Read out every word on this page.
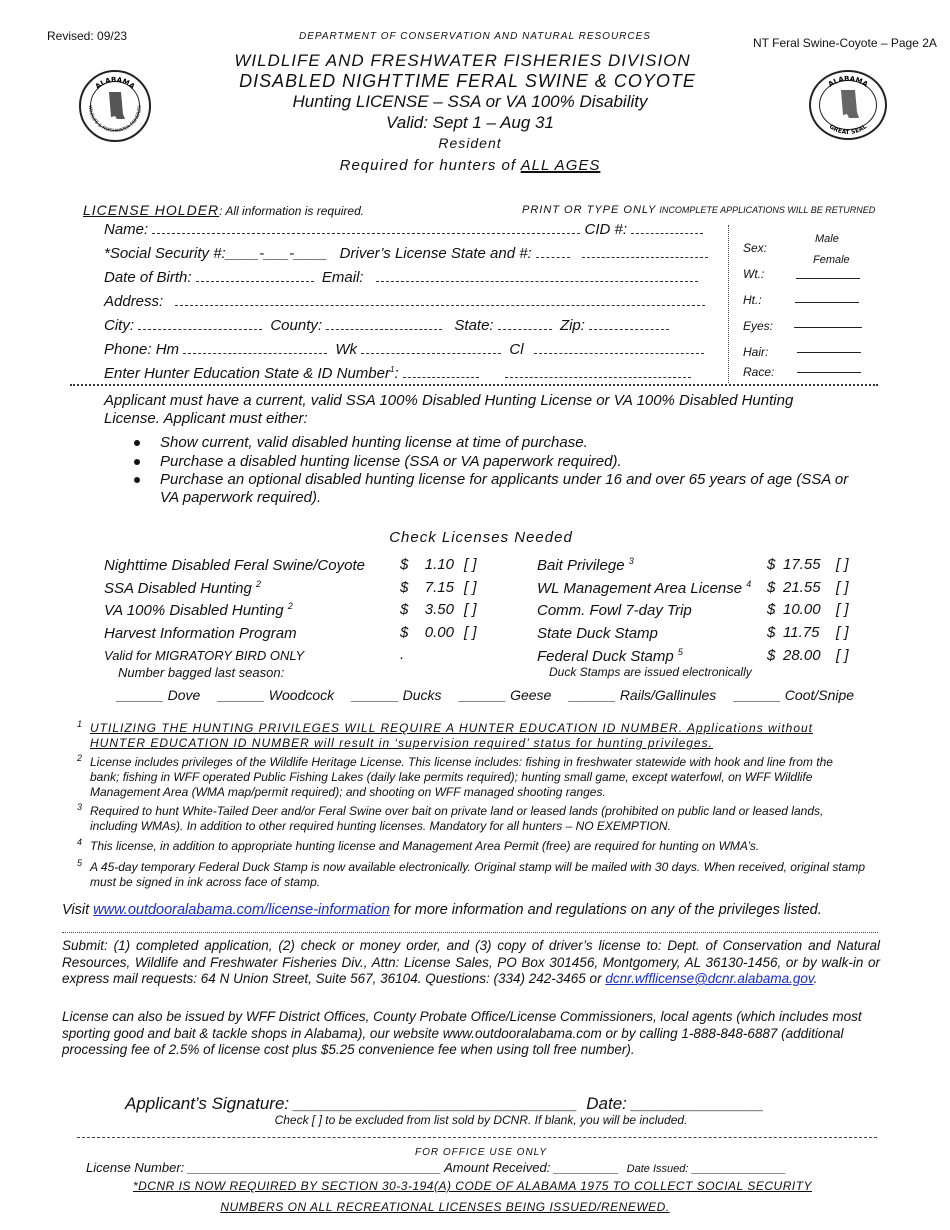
Revised: 09/23	NT Feral Swine-Coyote – Page 2A
DEPARTMENT OF CONSERVATION AND NATURAL RESOURCES
WILDLIFE AND FRESHWATER FISHERIES DIVISION
DISABLED NIGHTTIME FERAL SWINE & COYOTE
Hunting LICENSE – SSA or VA 100% Disability
Valid: Sept 1 – Aug 31
Resident
Required for hunters of ALL AGES
ALABAMA
WILDLIFE & FRESHWATER FISHERIES
ALABAMA
GREAT SEAL
LICENSE HOLDER: All information is required.	PRINT OR TYPE ONLY INCOMPLETE APPLICATIONS WILL BE RETURNED
Name:	CID #:
*Social Security #:____-___-____ Driver’s License State and #:
Date of Birth:	Email:
Address:
City:	County:	State:	Zip:
Phone: Hm	Wk	Cl
Enter Hunter Education State & ID Number$^1$:
Sex:
Male
Female
Wt.:
Ht.:
Eyes:
Hair:
Race:
Applicant must have a current, valid SSA 100% Disabled Hunting License or VA 100% Disabled Hunting License. Applicant must either:
Show current, valid disabled hunting license at time of purchase.
Purchase a disabled hunting license (SSA or VA paperwork required).
Purchase an optional disabled hunting license for applicants under 16 and over 65 years of age (SSA or VA paperwork required).
Check Licenses Needed
Nighttime Disabled Feral Swine/Coyote $ 1.10 [ ]
SSA Disabled Hunting $^2$	$ 7.15 [ ]
VA 100% Disabled Hunting $^2$	$ 3.50 [ ]
Harvest Information Program	$ 0.00 [ ]
Bait Privilege $^3$	$ 17.55 [ ]
WL Management Area License $^4$ $ 21.55 [ ]
Comm. Fowl 7-day Trip	$ 10.00 [ ]
State Duck Stamp	$ 11.75 [ ]
Federal Duck Stamp $^5$	$ 28.00 [ ]
Valid for MIGRATORY BIRD ONLY	.
Number bagged last season:	Duck Stamps are issued electronically
______ Dove ______ Woodcock ______ Ducks ______ Geese ______ Rails/Gallinules ______ Coot/Snipe
1 UTILIZING THE HUNTING PRIVILEGES WILL REQUIRE A HUNTER EDUCATION ID NUMBER. Applications without HUNTER EDUCATION ID NUMBER will result in ‘supervision required’ status for hunting privileges.
2 License includes privileges of the Wildlife Heritage License. This license includes: fishing in freshwater statewide with hook and line from the bank; fishing in WFF operated Public Fishing Lakes (daily lake permits required); hunting small game, except waterfowl, on WFF Wildlife Management Area (WMA map/permit required); and shooting on WFF managed shooting ranges.
3 Required to hunt White-Tailed Deer and/or Feral Swine over bait on private land or leased lands (prohibited on public land or leased lands, including WMAs). In addition to other required hunting licenses. Mandatory for all hunters – NO EXEMPTION.
4 This license, in addition to appropriate hunting license and Management Area Permit (free) are required for hunting on WMA’s.
5 A 45-day temporary Federal Duck Stamp is now available electronically. Original stamp will be mailed with 30 days. When received, original stamp must be signed in ink across face of stamp.
Visit www.outdooralabama.com/license-information for more information and regulations on any of the privileges listed.
Submit: (1) completed application, (2) check or money order, and (3) copy of driver’s license to: Dept. of Conservation and Natural Resources, Wildlife and Freshwater Fisheries Div., Attn: License Sales, PO Box 301456, Montgomery, AL 36130-1456, or by walk-in or express mail requests: 64 N Union Street, Suite 567, 36104. Questions: (334) 242-3465 or dcnr.wfflicense@dcnr.alabama.gov.
License can also be issued by WFF District Offices, County Probate Office/License Commissioners, local agents (which includes most sporting good and bait & tackle shops in Alabama), our website www.outdooralabama.com or by calling 1-888-848-6887 (additional processing fee of 2.5% of license cost plus $5.25 convenience fee when using toll free number).
Applicant’s Signature: ______________________________ Date: ______________
Check [ ] to be excluded from list sold by DCNR. If blank, you will be included.
FOR OFFICE USE ONLY
License Number: ___________________________________ Amount Received: _________ Date Issued: _____________
*DCNR IS NOW REQUIRED BY SECTION 30-3-194(A) CODE OF ALABAMA 1975 TO COLLECT SOCIAL SECURITY
NUMBERS ON ALL RECREATIONAL LICENSES BEING ISSUED/RENEWED.
